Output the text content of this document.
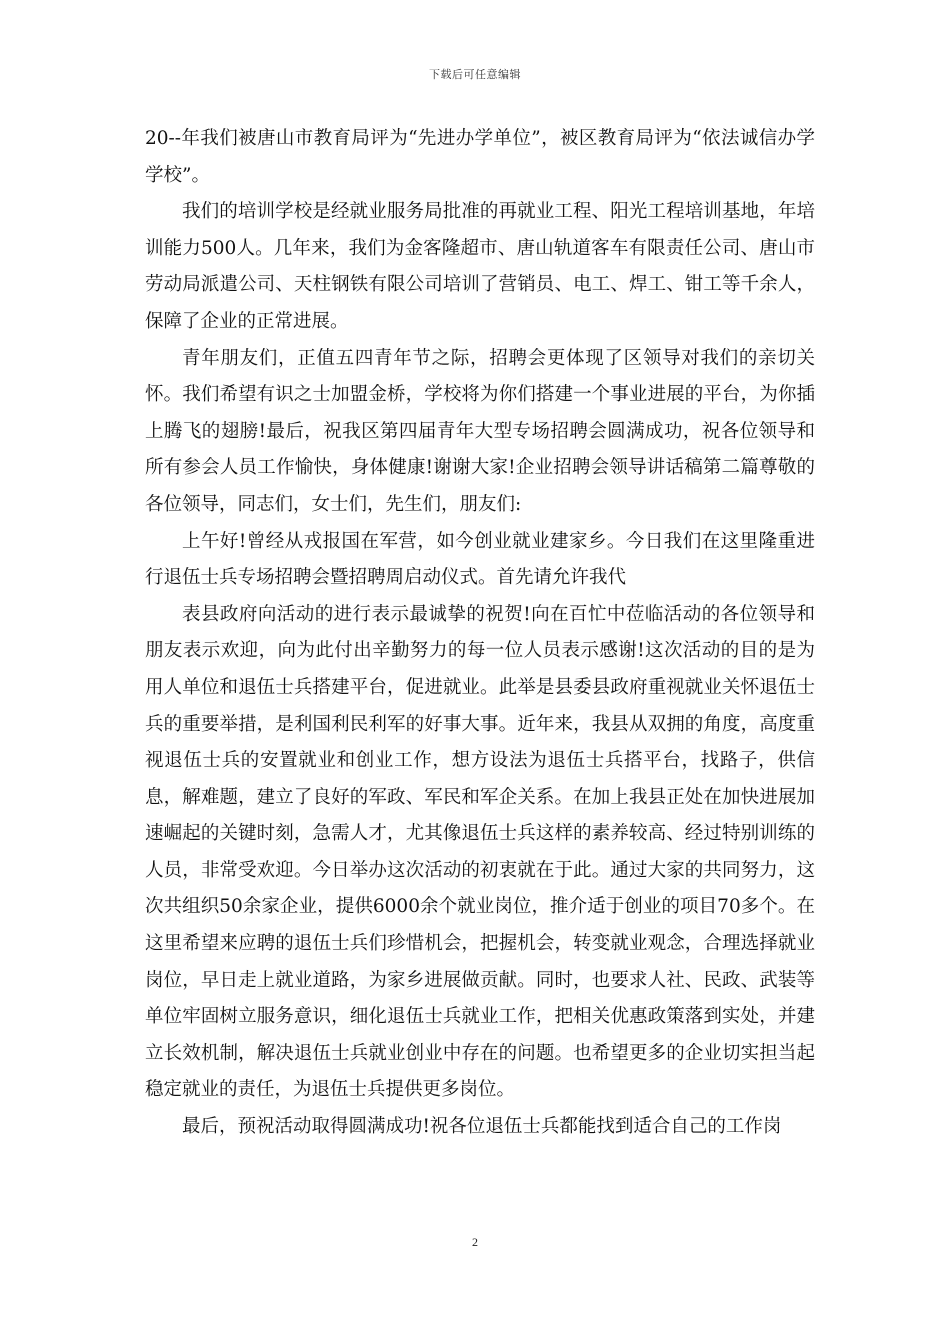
下载后可任意编辑

20--年我们被唐山市教育局评为“先进办学单位”，被区教育局评为“依法诚信办学学校”。

我们的培训学校是经就业服务局批准的再就业工程、阳光工程培训基地，年培训能力500人。几年来，我们为金客隆超市、唐山轨道客车有限责任公司、唐山市劳动局派遣公司、天柱钢铁有限公司培训了营销员、电工、焊工、钳工等千余人，保障了企业的正常进展。

青年朋友们，正值五四青年节之际，招聘会更体现了区领导对我们的亲切关怀。我们希望有识之士加盟金桥，学校将为你们搭建一个事业进展的平台，为你插上腾飞的翅膀!最后，祝我区第四届青年大型专场招聘会圆满成功，祝各位领导和所有参会人员工作愉快，身体健康!谢谢大家!企业招聘会领导讲话稿第二篇尊敬的各位领导，同志们，女士们，先生们，朋友们:

上午好!曾经从戎报国在军营，如今创业就业建家乡。今日我们在这里隆重进行退伍士兵专场招聘会暨招聘周启动仪式。首先请允许我代

表县政府向活动的进行表示最诚挚的祝贺!向在百忙中莅临活动的各位领导和朋友表示欢迎，向为此付出辛勤努力的每一位人员表示感谢!这次活动的目的是为用人单位和退伍士兵搭建平台，促进就业。此举是县委县政府重视就业关怀退伍士兵的重要举措，是利国利民利军的好事大事。近年来，我县从双拥的角度，高度重视退伍士兵的安置就业和创业工作，想方设法为退伍士兵搭平台，找路子，供信息，解难题，建立了良好的军政、军民和军企关系。在加上我县正处在加快进展加速崛起的关键时刻，急需人才，尤其像退伍士兵这样的素养较高、经过特别训练的人员，非常受欢迎。今日举办这次活动的初衷就在于此。通过大家的共同努力，这次共组织50余家企业，提供6000余个就业岗位，推介适于创业的项目70多个。在这里希望来应聘的退伍士兵们珍惜机会，把握机会，转变就业观念，合理选择就业岗位，早日走上就业道路，为家乡进展做贡献。同时，也要求人社、民政、武装等单位牢固树立服务意识，细化退伍士兵就业工作，把相关优惠政策落到实处，并建立长效机制，解决退伍士兵就业创业中存在的问题。也希望更多的企业切实担当起稳定就业的责任，为退伍士兵提供更多岗位。

最后，预祝活动取得圆满成功!祝各位退伍士兵都能找到适合自己的工作岗

2
